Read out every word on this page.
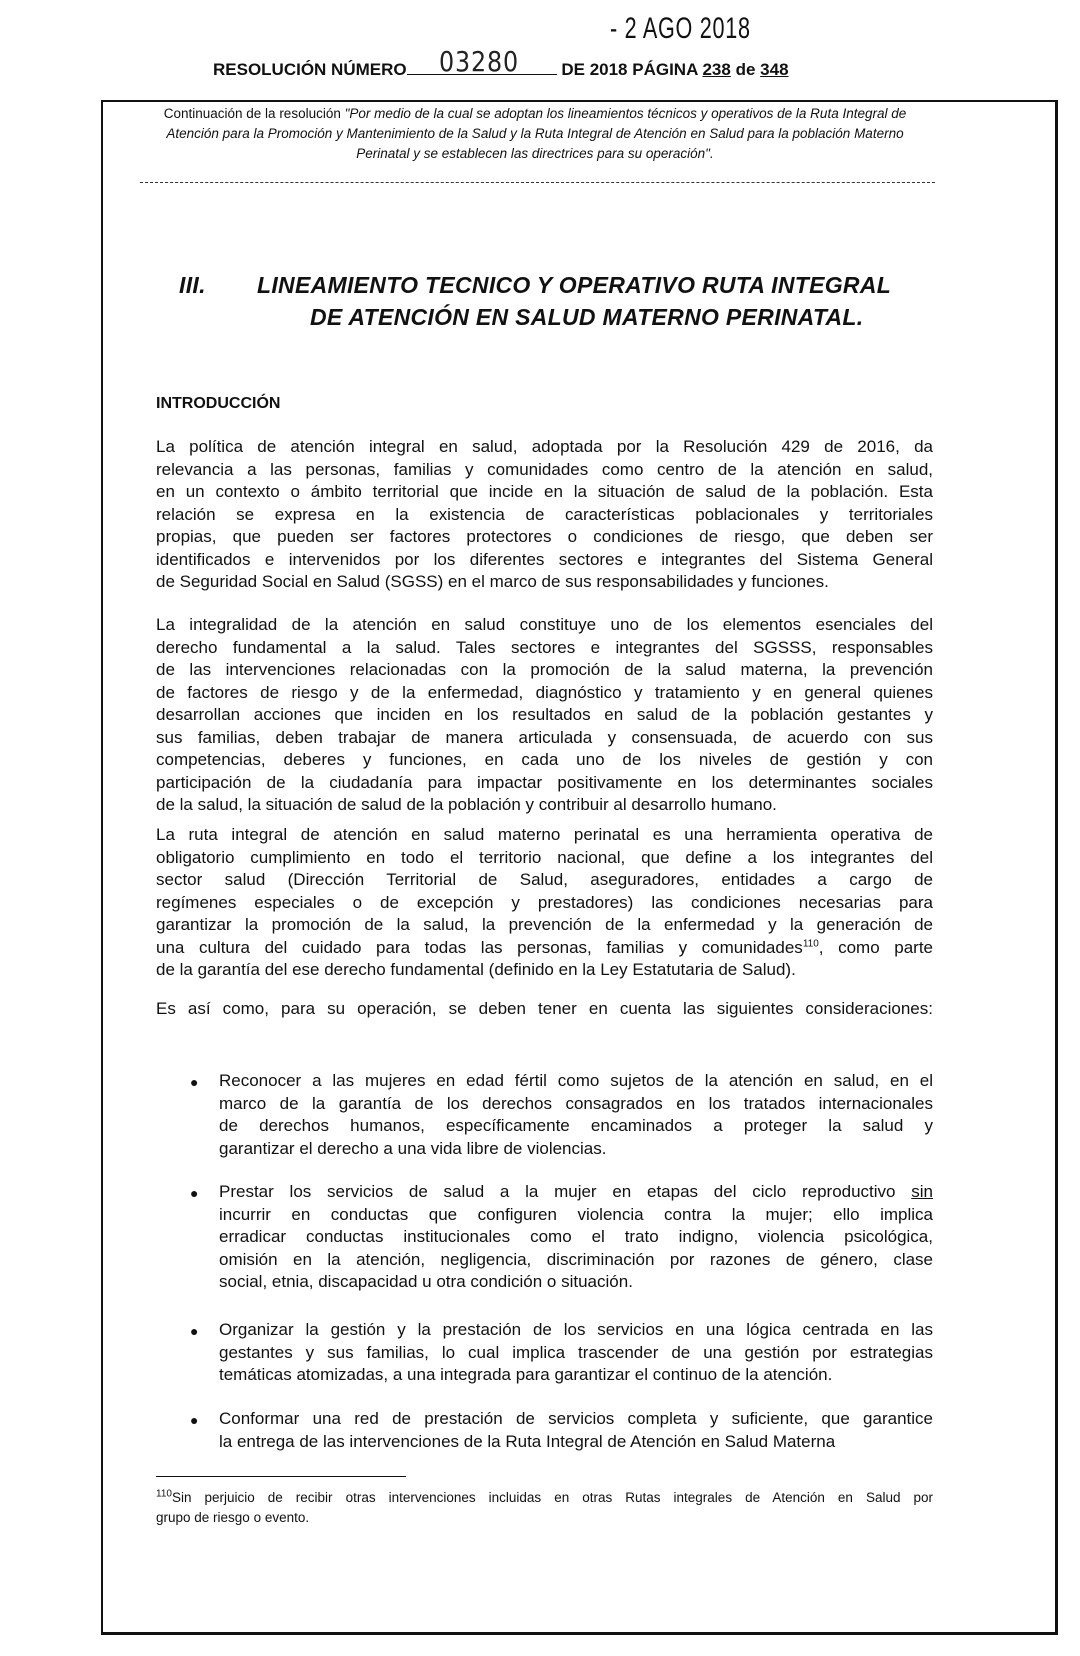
- 2 AGO 2018
RESOLUCIÓN NÚMERO 03280	DE 2018 PÁGINA 238 de 348
Continuación de la resolución "Por medio de la cual se adoptan los lineamientos técnicos y operativos de la Ruta Integral de Atención para la Promoción y Mantenimiento de la Salud y la Ruta Integral de Atención en Salud para la población Materno Perinatal y se establecen las directrices para su operación".
III. LINEAMIENTO TECNICO Y OPERATIVO RUTA INTEGRAL
DE ATENCIÓN EN SALUD MATERNO PERINATAL.
INTRODUCCIÓN
La política de atención integral en salud, adoptada por la Resolución 429 de 2016, da
relevancia a las personas, familias y comunidades como centro de la atención en salud,
en un contexto o ámbito territorial que incide en la situación de salud de la población. Esta
relación se expresa en la existencia de características poblacionales y territoriales
propias, que pueden ser factores protectores o condiciones de riesgo, que deben ser
identificados e intervenidos por los diferentes sectores e integrantes del Sistema General
de Seguridad Social en Salud (SGSS) en el marco de sus responsabilidades y funciones.
La integralidad de la atención en salud constituye uno de los elementos esenciales del
derecho fundamental a la salud. Tales sectores e integrantes del SGSSS, responsables
de las intervenciones relacionadas con la promoción de la salud materna, la prevención
de factores de riesgo y de la enfermedad, diagnóstico y tratamiento y en general quienes
desarrollan acciones que inciden en los resultados en salud de la población gestantes y
sus familias, deben trabajar de manera articulada y consensuada, de acuerdo con sus
competencias, deberes y funciones, en cada uno de los niveles de gestión y con
participación de la ciudadanía para impactar positivamente en los determinantes sociales
de la salud, la situación de salud de la población y contribuir al desarrollo humano.
La ruta integral de atención en salud materno perinatal es una herramienta operativa de
obligatorio cumplimiento en todo el territorio nacional, que define a los integrantes del
sector salud (Dirección Territorial de Salud, aseguradores, entidades a cargo de
regímenes especiales o de excepción y prestadores) las condiciones necesarias para
garantizar la promoción de la salud, la prevención de la enfermedad y la generación de
una cultura del cuidado para todas las personas, familias y comunidades$^{110}$, como parte
de la garantía del ese derecho fundamental (definido en la Ley Estatutaria de Salud).
Es así como, para su operación, se deben tener en cuenta las siguientes consideraciones:
● Reconocer a las mujeres en edad fértil como sujetos de la atención en salud, en el
marco de la garantía de los derechos consagrados en los tratados internacionales
de derechos humanos, específicamente encaminados a proteger la salud y
garantizar el derecho a una vida libre de violencias.
● Prestar los servicios de salud a la mujer en etapas del ciclo reproductivo sin
incurrir en conductas que configuren violencia contra la mujer; ello implica
erradicar conductas institucionales como el trato indigno, violencia psicológica,
omisión en la atención, negligencia, discriminación por razones de género, clase
social, etnia, discapacidad u otra condición o situación.
● Organizar la gestión y la prestación de los servicios en una lógica centrada en las
gestantes y sus familias, lo cual implica trascender de una gestión por estrategias
temáticas atomizadas, a una integrada para garantizar el continuo de la atención.
● Conformar una red de prestación de servicios completa y suficiente, que garantice
la entrega de las intervenciones de la Ruta Integral de Atención en Salud Materna
$^{110}$Sin perjuicio de recibir otras intervenciones incluidas en otras Rutas integrales de Atención en Salud por
grupo de riesgo o evento.
